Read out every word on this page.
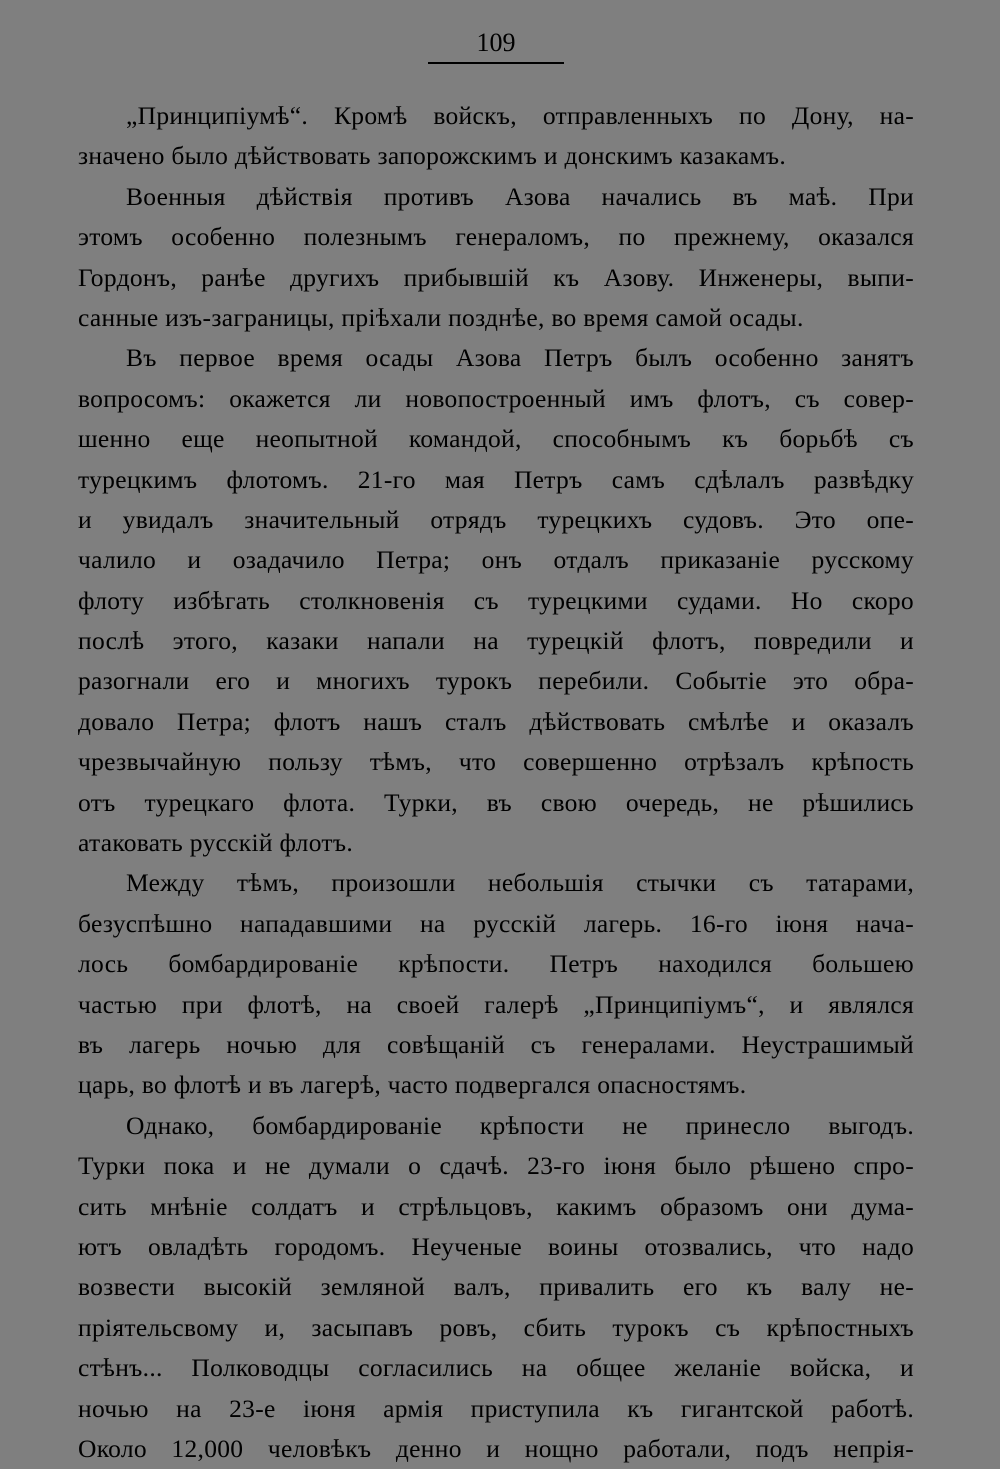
109
„Принципіумѣ“. Кромѣ войскъ, отправленныхъ по Дону, на-
значено было дѣйствовать запорожскимъ и донскимъ казакамъ.
Военныя дѣйствія противъ Азова начались въ маѣ. При
этомъ особенно полезнымъ генераломъ, по прежнему, оказался
Гордонъ, ранѣе другихъ прибывшій къ Азову. Инженеры, выпи-
санные изъ-заграницы, пріѣхали позднѣе, во время самой осады.
Въ первое время осады Азова Петръ былъ особенно занятъ
вопросомъ: окажется ли новопостроенный имъ флотъ, съ совер-
шенно еще неопытной командой, способнымъ къ борьбѣ съ
турецкимъ флотомъ. 21-го мая Петръ самъ сдѣлалъ развѣдку
и увидалъ значительный отрядъ турецкихъ судовъ. Это опе-
чалило и озадачило Петра; онъ отдалъ приказаніе русскому
флоту избѣгать столкновенія съ турецкими судами. Но скоро
послѣ этого, казаки напали на турецкій флотъ, повредили и
разогнали его и многихъ турокъ перебили. Событіе это обра-
довало Петра; флотъ нашъ сталъ дѣйствовать смѣлѣе и оказалъ
чрезвычайную пользу тѣмъ, что совершенно отрѣзалъ крѣпость
отъ турецкаго флота. Турки, въ свою очередь, не рѣшились
атаковать русскій флотъ.
Между тѣмъ, произошли небольшія стычки съ татарами,
безуспѣшно нападавшими на русскій лагерь. 16-го іюня нача-
лось бомбардированіе крѣпости. Петръ находился большею
частью при флотѣ, на своей галерѣ „Принципіумъ“, и являлся
въ лагерь ночью для совѣщаній съ генералами. Неустрашимый
царь, во флотѣ и въ лагерѣ, часто подвергался опасностямъ.
Однако, бомбардированіе крѣпости не принесло выгодъ.
Турки пока и не думали о сдачѣ. 23-го іюня было рѣшено спро-
сить мнѣніе солдатъ и стрѣльцовъ, какимъ образомъ они дума-
ютъ овладѣть городомъ. Неученые воины отозвались, что надо
возвести высокій земляной валъ, привалить его къ валу не-
пріятельсвому и, засыпавъ ровъ, сбить турокъ съ крѣпостныхъ
стѣнъ... Полководцы согласились на общее желаніе войска, и
ночью на 23-е іюня армія приступила къ гигантской работѣ.
Около 12,000 человѣкъ денно и нощно работали, подъ непрія-
